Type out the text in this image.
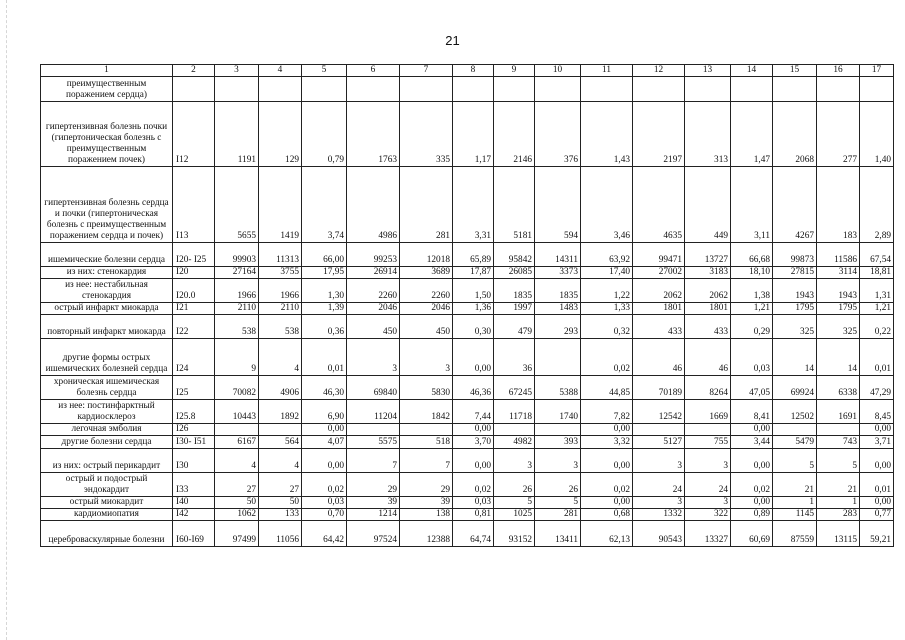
21
1	2	3	4	5	6	7	8	9	10	11	12	13	14	15	16	17
преимущественным поражением сердца)																
гипертензивная болезнь почки (гипертоническая болезнь с преимущественным поражением почек)	I12	1191	129	0,79	1763	335	1,17	2146	376	1,43	2197	313	1,47	2068	277	1,40
гипертензивная болезнь сердца и почки (гипертоническая болезнь с преимущественным поражением сердца и почек)	I13	5655	1419	3,74	4986	281	3,31	5181	594	3,46	4635	449	3,11	4267	183	2,89
ишемические болезни сердца	I20- I25	99903	11313	66,00	99253	12018	65,89	95842	14311	63,92	99471	13727	66,68	99873	11586	67,54
из них: стенокардия	I20	27164	3755	17,95	26914	3689	17,87	26085	3373	17,40	27002	3183	18,10	27815	3114	18,81
из нее: нестабильная стенокардия	I20.0	1966	1966	1,30	2260	2260	1,50	1835	1835	1,22	2062	2062	1,38	1943	1943	1,31
острый инфаркт миокарда	I21	2110	2110	1,39	2046	2046	1,36	1997	1483	1,33	1801	1801	1,21	1795	1795	1,21
повторный инфаркт миокарда	I22	538	538	0,36	450	450	0,30	479	293	0,32	433	433	0,29	325	325	0,22
другие формы острых ишемических болезней сердца	I24	9	4	0,01	3	3	0,00	36		0,02	46	46	0,03	14	14	0,01
хроническая ишемическая болезнь сердца	I25	70082	4906	46,30	69840	5830	46,36	67245	5388	44,85	70189	8264	47,05	69924	6338	47,29
из нее: постинфарктный кардиосклероз	I25.8	10443	1892	6,90	11204	1842	7,44	11718	1740	7,82	12542	1669	8,41	12502	1691	8,45
легочная эмболия	I26			0,00			0,00			0,00			0,00			0,00
другие болезни сердца	I30- I51	6167	564	4,07	5575	518	3,70	4982	393	3,32	5127	755	3,44	5479	743	3,71
из них: острый перикардит	I30	4	4	0,00	7	7	0,00	3	3	0,00	3	3	0,00	5	5	0,00
острый и подострый эндокардит	I33	27	27	0,02	29	29	0,02	26	26	0,02	24	24	0,02	21	21	0,01
острый миокардит	I40	50	50	0,03	39	39	0,03	5	5	0,00	3	3	0,00	1	1	0,00
кардиомиопатия	I42	1062	133	0,70	1214	138	0,81	1025	281	0,68	1332	322	0,89	1145	283	0,77
цереброваскулярные болезни	I60-I69	97499	11056	64,42	97524	12388	64,74	93152	13411	62,13	90543	13327	60,69	87559	13115	59,21
